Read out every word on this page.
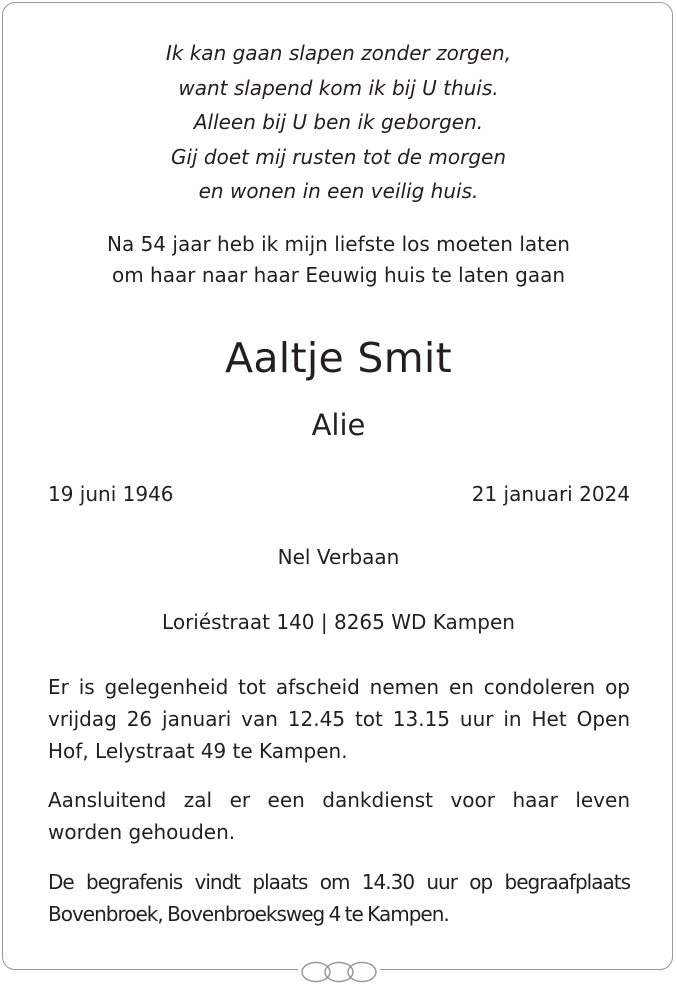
Ik kan gaan slapen zonder zorgen,
want slapend kom ik bij U thuis.
Alleen bij U ben ik geborgen.
Gij doet mij rusten tot de morgen
en wonen in een veilig huis.
Na 54 jaar heb ik mijn liefste los moeten laten
om haar naar haar Eeuwig huis te laten gaan
Aaltje Smit
Alie
19 juni 1946	21 januari 2024
Nel Verbaan
Loriéstraat 140 | 8265 WD Kampen
Er is gelegenheid tot afscheid nemen en condoleren op vrijdag 26 januari van 12.45 tot 13.15 uur in Het Open Hof, Lelystraat 49 te Kampen.
Aansluitend zal er een dankdienst voor haar leven worden gehouden.
De begrafenis vindt plaats om 14.30 uur op begraafplaats Bovenbroek, Bovenbroeksweg 4 te Kampen.
